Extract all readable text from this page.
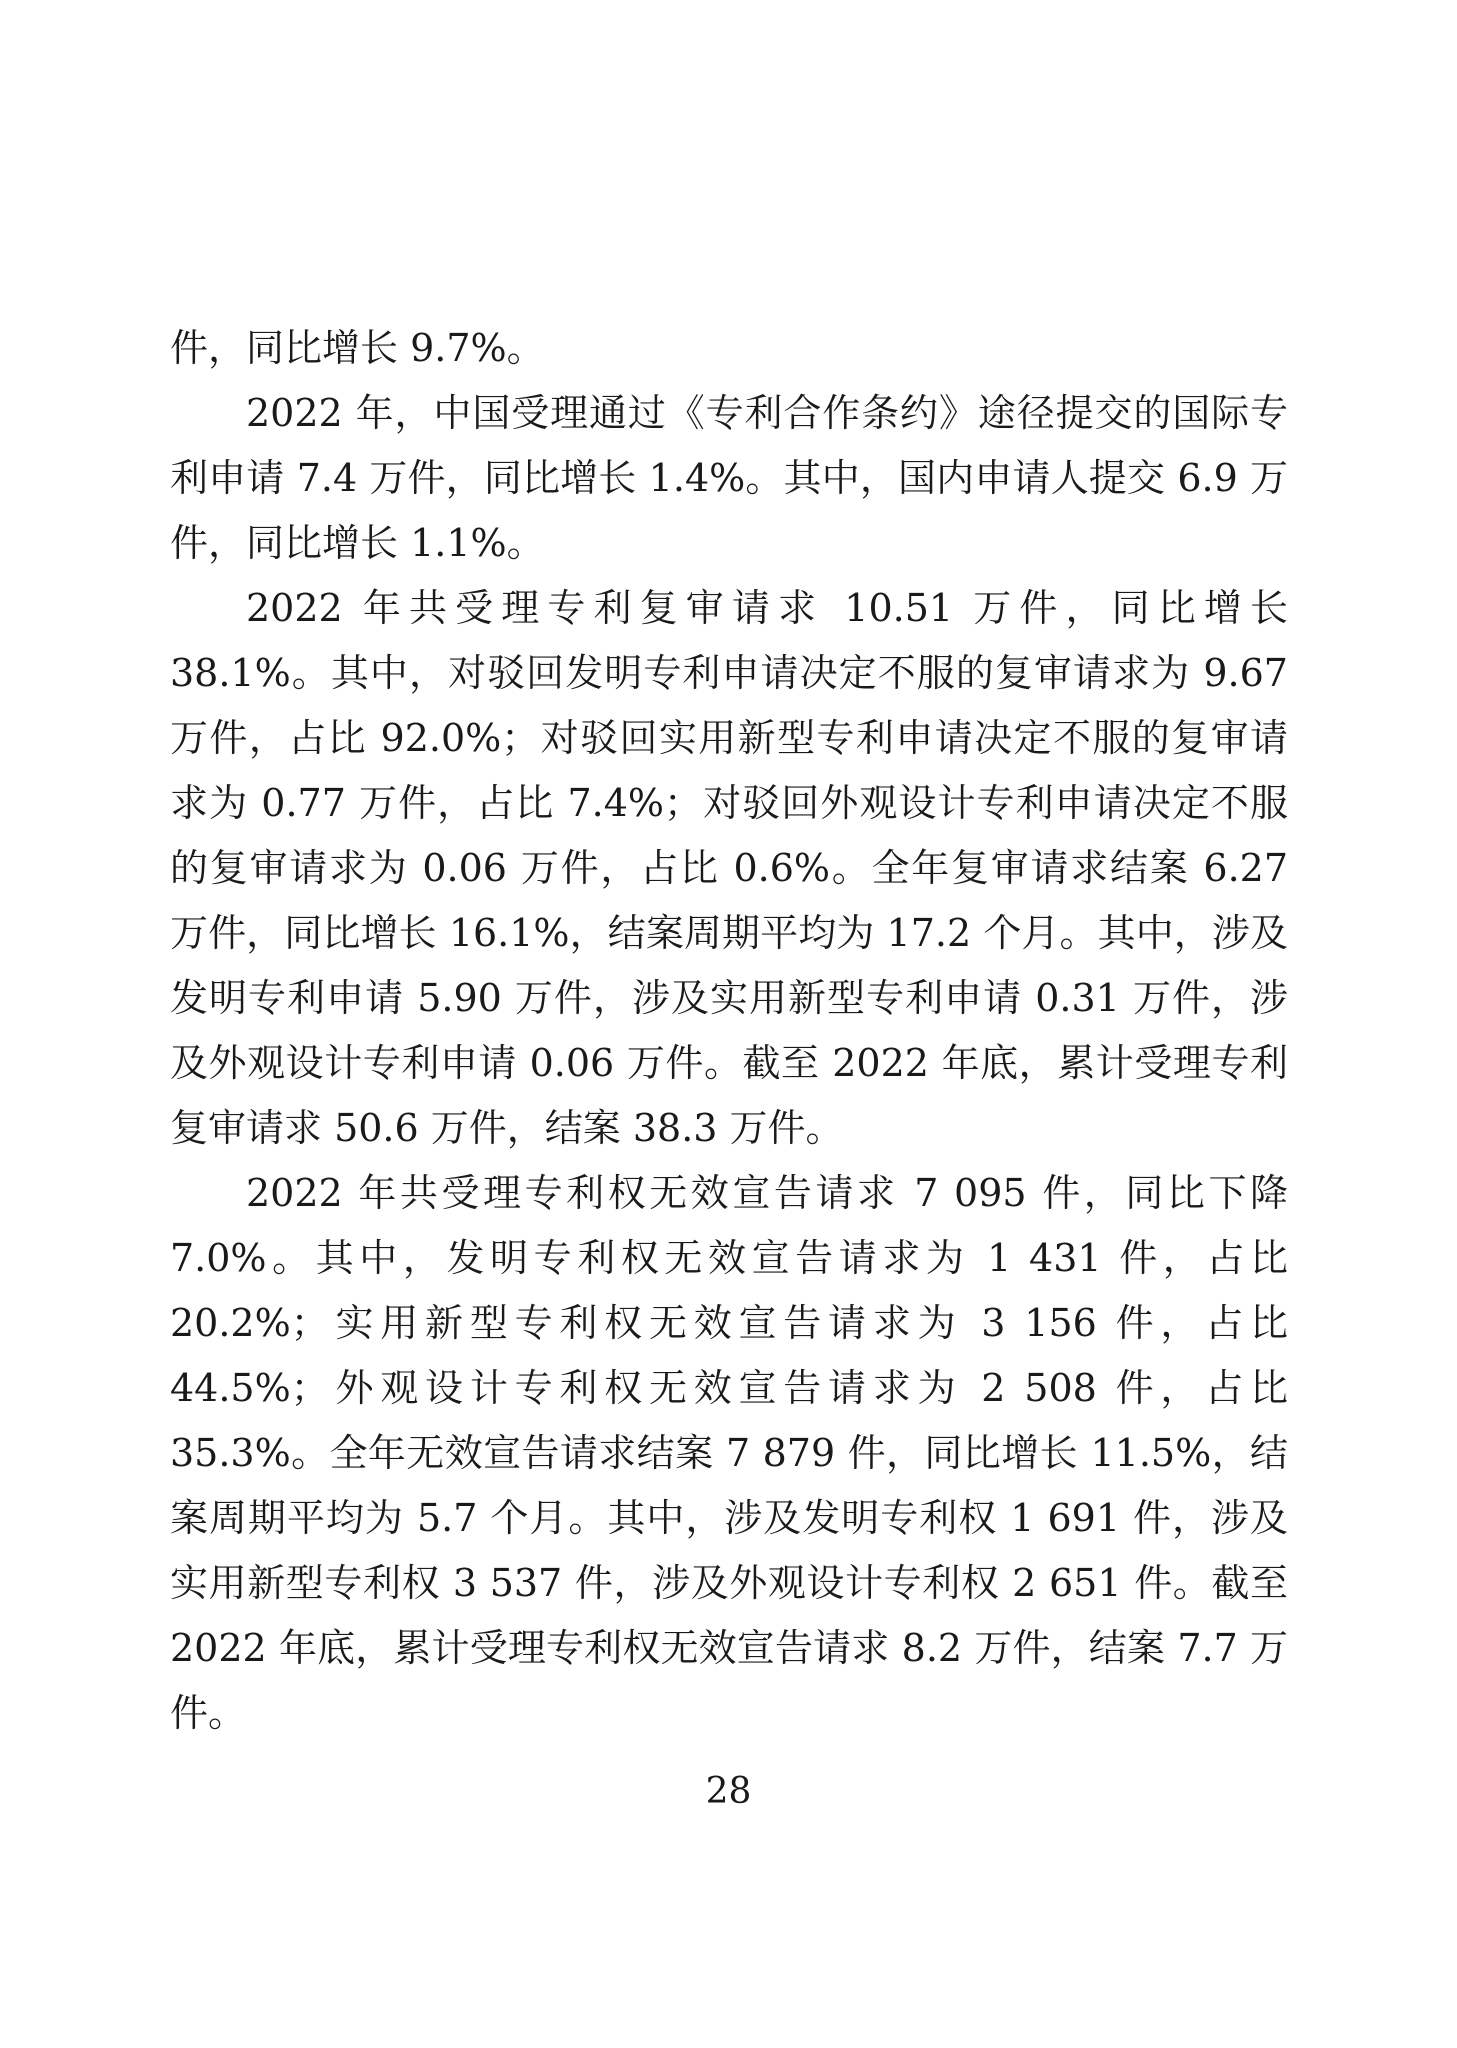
件，同比增长 9.7%。

2022 年，中国受理通过《专利合作条约》途径提交的国际专利申请 7.4 万件，同比增长 1.4%。其中，国内申请人提交 6.9 万件，同比增长 1.1%。

2022 年共受理专利复审请求 10.51 万件，同比增长 38.1%。其中，对驳回发明专利申请决定不服的复审请求为 9.67 万件，占比 92.0%；对驳回实用新型专利申请决定不服的复审请求为 0.77 万件，占比 7.4%；对驳回外观设计专利申请决定不服的复审请求为 0.06 万件，占比 0.6%。全年复审请求结案 6.27 万件，同比增长 16.1%，结案周期平均为 17.2 个月。其中，涉及发明专利申请 5.90 万件，涉及实用新型专利申请 0.31 万件，涉及外观设计专利申请 0.06 万件。截至 2022 年底，累计受理专利复审请求 50.6 万件，结案 38.3 万件。

2022 年共受理专利权无效宣告请求 7 095 件，同比下降 7.0%。其中，发明专利权无效宣告请求为 1 431 件，占比 20.2%；实用新型专利权无效宣告请求为 3 156 件，占比 44.5%；外观设计专利权无效宣告请求为 2 508 件，占比 35.3%。全年无效宣告请求结案 7 879 件，同比增长 11.5%，结案周期平均为 5.7 个月。其中，涉及发明专利权 1 691 件，涉及实用新型专利权 3 537 件，涉及外观设计专利权 2 651 件。截至 2022 年底，累计受理专利权无效宣告请求 8.2 万件，结案 7.7 万件。

28
